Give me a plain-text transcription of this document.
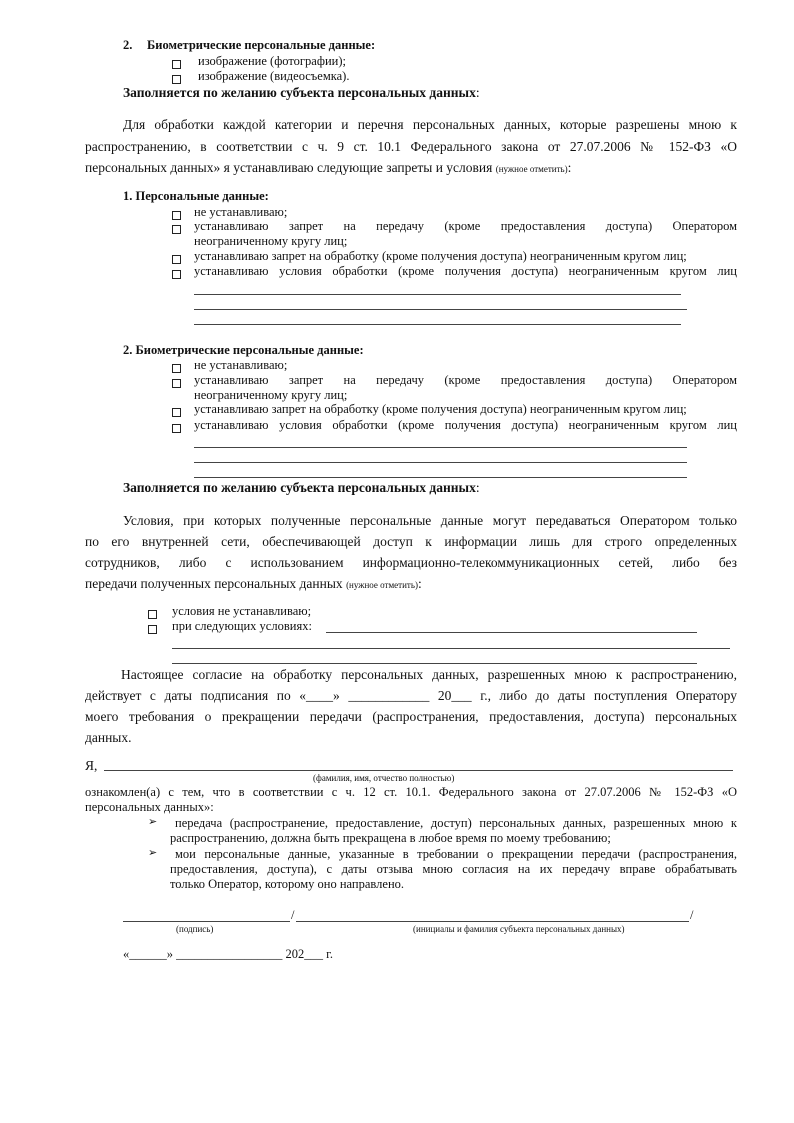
2. Биометрические персональные данные:
изображение (фотографии);
изображение (видеосъемка).
Заполняется по желанию субъекта персональных данных:
Для обработки каждой категории и перечня персональных данных, которые разрешены мною к
распространению, в соответствии с ч. 9 ст. 10.1 Федерального закона от 27.07.2006 № 152-ФЗ «О
персональных данных» я устанавливаю следующие запреты и условия (нужное отметить):
1. Персональные данные:
не устанавливаю;
устанавливаю запрет на передачу (кроме предоставления доступа) Оператором
неограниченному кругу лиц;
устанавливаю запрет на обработку (кроме получения доступа) неограниченным кругом лиц;
устанавливаю условия обработки (кроме получения доступа) неограниченным кругом лиц
2. Биометрические персональные данные:
не устанавливаю;
устанавливаю запрет на передачу (кроме предоставления доступа) Оператором
неограниченному кругу лиц;
устанавливаю запрет на обработку (кроме получения доступа) неограниченным кругом лиц;
устанавливаю условия обработки (кроме получения доступа) неограниченным кругом лиц
Заполняется по желанию субъекта персональных данных:
Условия, при которых полученные персональные данные могут передаваться Оператором только
по его внутренней сети, обеспечивающей доступ к информации лишь для строго определенных
сотрудников, либо с использованием информационно-телекоммуникационных сетей, либо без
передачи полученных персональных данных (нужное отметить):
условия не устанавливаю;
при следующих условиях:
Настоящее согласие на обработку персональных данных, разрешенных мною к распространению,
действует с даты подписания по «____» ____________ 20___ г., либо до даты поступления Оператору
моего требования о прекращении передачи (распространения, предоставления, доступа) персональных
данных.
Я,
(фамилия, имя, отчество полностью)
ознакомлен(а) с тем, что в соответствии с ч. 12 ст. 10.1. Федерального закона от 27.07.2006 № 152-ФЗ «О
персональных данных»:
➢ передача (распространение, предоставление, доступ) персональных данных, разрешенных мною к
распространению, должна быть прекращена в любое время по моему требованию;
➢ мои персональные данные, указанные в требовании о прекращении передачи (распространения,
предоставления, доступа), с даты отзыва мною согласия на их передачу вправе обрабатывать
только Оператор, которому оно направлено.
/	/
(подпись)	(инициалы и фамилия субъекта персональных данных)
«______» _________________ 202___ г.
